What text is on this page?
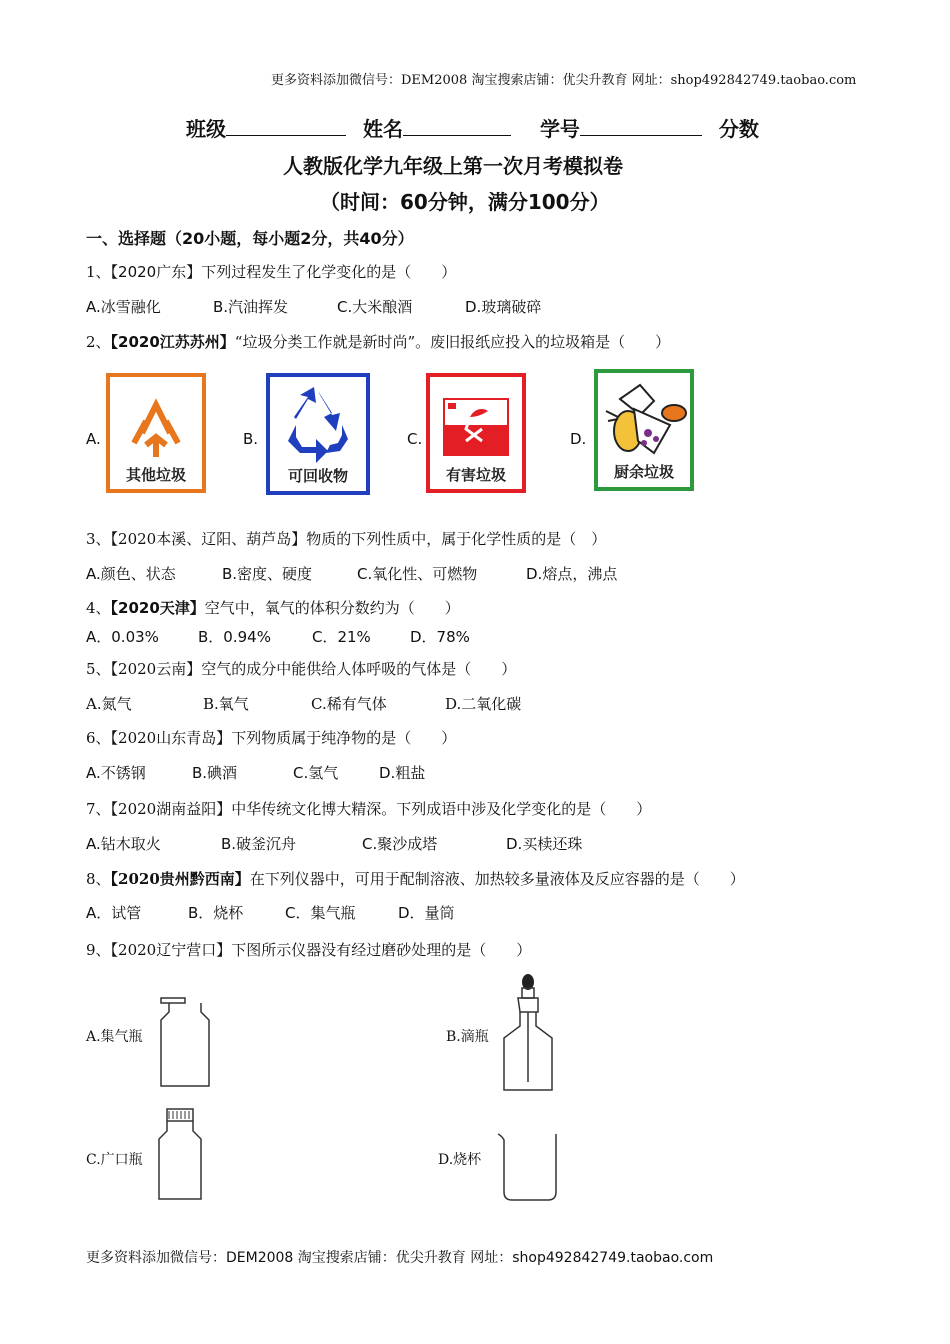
更多资料添加微信号：DEM2008 淘宝搜索店铺：优尖升教育 网址：shop492842749.taobao.com
班级	姓名	学号	分数
人教版化学九年级上第一次月考模拟卷
（时间：60分钟，满分100分）
一、选择题（20小题，每小题2分，共40分）
1、【2020广东】下列过程发生了化学变化的是（　　）
A.冰雪融化	B.汽油挥发	C.大米酿酒	D.玻璃破碎
2、【2020江苏苏州】“垃圾分类工作就是新时尚”。废旧报纸应投入的垃圾箱是（　　）
A.
其他垃圾
B.
可回收物
C.
有害垃圾
D.
厨余垃圾
3、【2020本溪、辽阳、葫芦岛】物质的下列性质中，属于化学性质的是（　）
A.颜色、状态	B.密度、硬度	C.氧化性、可燃物	D.熔点，沸点
4、【2020天津】空气中，氧气的体积分数约为（　　）
A．0.03%	B．0.94%	C．21%	D．78%
5、【2020云南】空气的成分中能供给人体呼吸的气体是（　　）
A.氮气	B.氧气	C.稀有气体	D.二氧化碳
6、【2020山东青岛】下列物质属于纯净物的是（　　）
A.不锈钢	B.碘酒	C.氢气	D.粗盐
7、【2020湖南益阳】中华传统文化博大精深。下列成语中涉及化学变化的是（　　）
A.钻木取火	B.破釜沉舟	C.聚沙成塔	D.买椟还珠
8、【2020贵州黔西南】在下列仪器中，可用于配制溶液、加热较多量液体及反应容器的是（　　）
A．试管	B．烧杯	C．集气瓶	D．量筒
9、【2020辽宁营口】下图所示仪器没有经过磨砂处理的是（　　）
A.集气瓶	B.滴瓶
C.广口瓶	D.烧杯
更多资料添加微信号：DEM2008 淘宝搜索店铺：优尖升教育 网址：shop492842749.taobao.com
